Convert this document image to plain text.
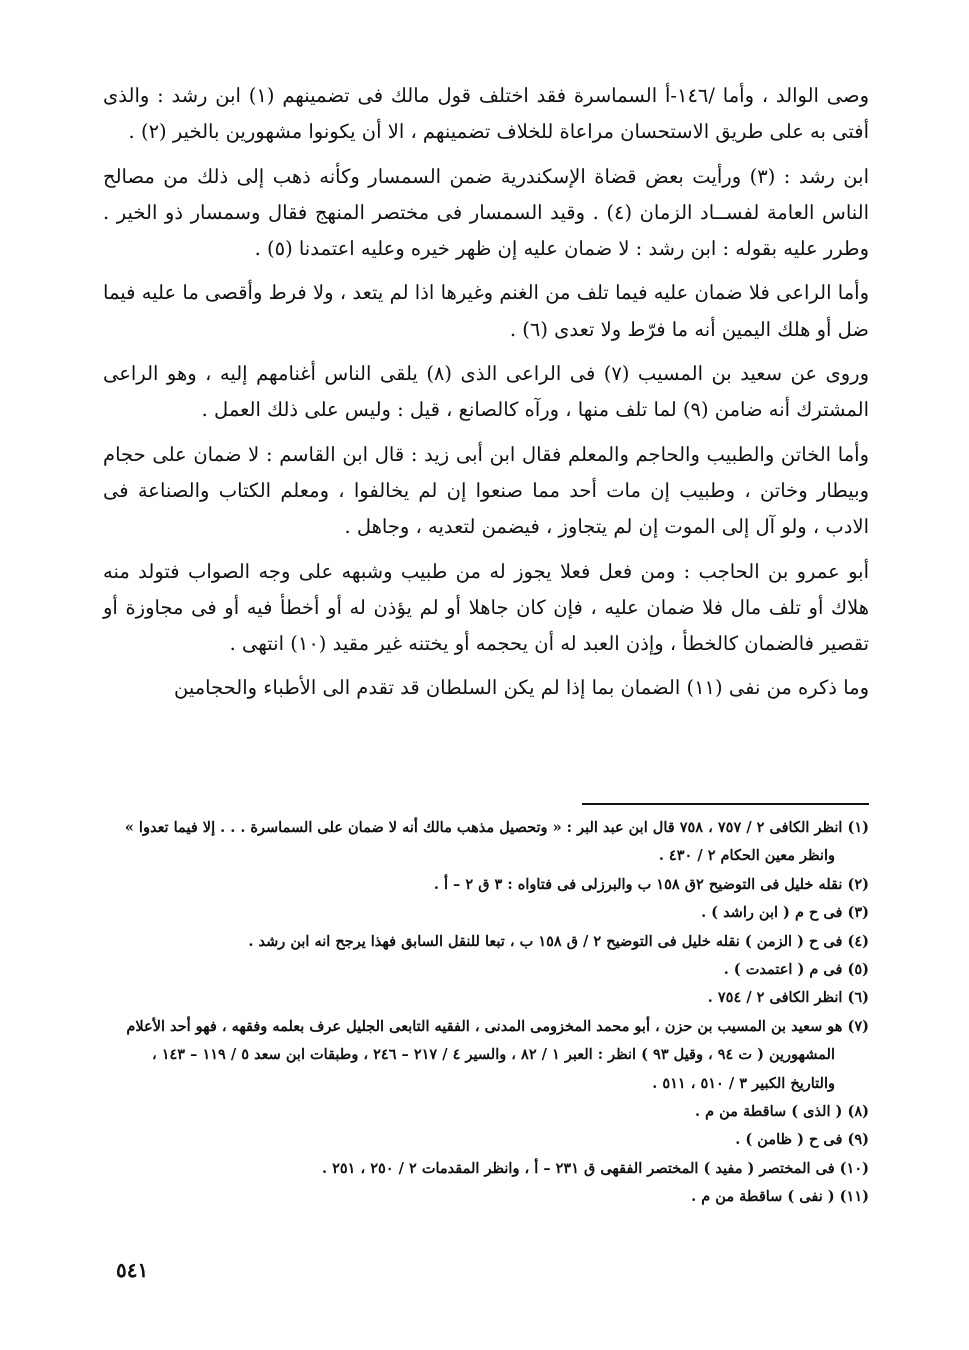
وصى الوالد ، وأما /١٤٦-أ السماسرة فقد اختلف قول مالك فى تضمينهم (١) ابن رشد : والذى أفتى به على طريق الاستحسان مراعاة للخلاف تضمينهم ، الا أن يكونوا مشهورين بالخير (٢) .

ابن رشد : (٣) ورأيت بعض قضاة الإسكندرية ضمن السمسار وكأنه ذهب إلى ذلك من مصالح الناس العامة لفســاد الزمان (٤) . وقيد السمسار فى مختصر المنهج فقال وسمسار ذو الخير . وطرر عليه بقوله : ابن رشد : لا ضمان عليه إن ظهر خيره وعليه اعتمدنا (٥) .

وأما الراعى فلا ضمان عليه فيما تلف من الغنم وغيرها اذا لم يتعد ، ولا فرط وأقصى ما عليه فيما ضل أو هلك اليمين أنه ما فرّط ولا تعدى (٦) .

وروى عن سعيد بن المسيب (٧) فى الراعى الذى (٨) يلقى الناس أغنامهم إليه ، وهو الراعى المشترك أنه ضامن (٩) لما تلف منها ، ورآه كالصانع ، قيل : وليس على ذلك العمل .

وأما الخاتن والطبيب والحاجم والمعلم فقال ابن أبى زيد : قال ابن القاسم : لا ضمان على حجام وبيطار وخاتن ، وطبيب إن مات أحد مما صنعوا إن لم يخالفوا ، ومعلم الكتاب والصناعة فى الادب ، ولو آل إلى الموت إن لم يتجاوز ، فيضمن لتعديه ، وجاهل .

أبو عمرو بن الحاجب : ومن فعل فعلا يجوز له من طبيب وشبهه على وجه الصواب فتولد منه هلاك أو تلف مال فلا ضمان عليه ، فإن كان جاهلا أو لم يؤذن له أو أخطأ فيه أو فى مجاوزة أو تقصير فالضمان كالخطأ ، وإذن العبد له أن يحجمه أو يختنه غير مقيد (١٠) انتهى .

وما ذكره من نفى (١١) الضمان بما إذا لم يكن السلطان قد تقدم الى الأطباء والحجامين

(١) انظر الكافى ٢ / ٧٥٧ ، ٧٥٨ قال ابن عبد البر : « وتحصيل مذهب مالك أنه لا ضمان على السماسرة . . . إلا فيما تعدوا » وانظر معين الحكام ٢ / ٤٣٠ .
(٢) نقله خليل فى التوضيح ٢ق ١٥٨ ب والبرزلى فى فتاواه : ٣ ق ٢ – أ .
(٣) فى ح م ( ابن راشد ) .
(٤) فى ح ( الزمن ) نقله خليل فى التوضيح ٢ / ق ١٥٨ ب ، تبعا للنقل السابق فهذا يرجح انه ابن رشد .
(٥) فى م ( اعتمدت ) .
(٦) انظر الكافى ٢ / ٧٥٤ .
(٧) هو سعيد بن المسيب بن حزن ، أبو محمد المخزومى المدنى ، الفقيه التابعى الجليل عرف بعلمه وفقهه ، فهو أحد الأعلام المشهورين ( ت ٩٤ ، وقيل ٩٣ ) انظر : العبر ١ / ٨٢ ، والسير ٤ / ٢١٧ – ٢٤٦ ، وطبقات ابن سعد ٥ / ١١٩ – ١٤٣ ، والتاريخ الكبير ٣ / ٥١٠ ، ٥١١ .
(٨) ( الذى ) ساقطة من م .
(٩) فى ح ( ظامن ) .
(١٠) فى المختصر ( مفيد ) المختصر الفقهى ق ٢٣١ – أ ، وانظر المقدمات ٢ / ٢٥٠ ، ٢٥١ .
(١١) ( نفى ) ساقطة من م .
٥٤١
